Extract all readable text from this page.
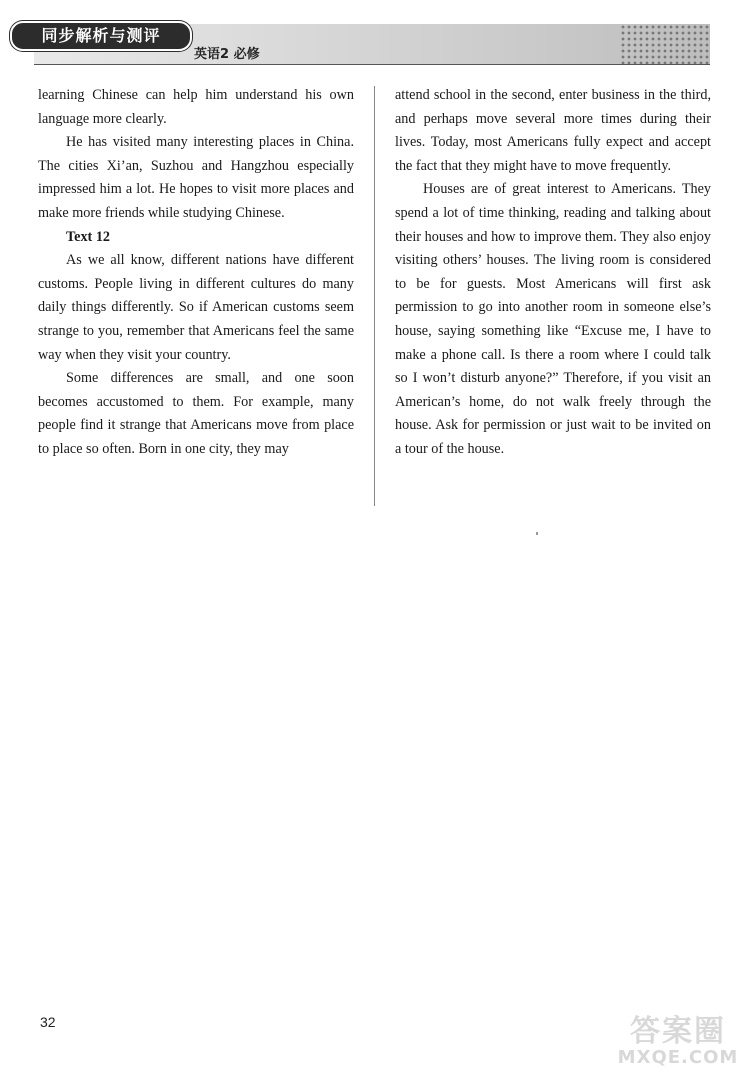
同步解析与测评
英语2 必修

learning Chinese can help him understand his own language more clearly.

He has visited many interesting places in China. The cities Xi’an, Suzhou and Hangzhou especially impressed him a lot. He hopes to visit more places and make more friends while studying Chinese.

Text 12

As we all know, different nations have different customs. People living in different cultures do many daily things differently. So if American customs seem strange to you, remember that Americans feel the same way when they visit your country.

Some differences are small, and one soon becomes accustomed to them. For example, many people find it strange that Americans move from place to place so often. Born in one city, they may

attend school in the second, enter business in the third, and perhaps move several more times during their lives. Today, most Americans fully expect and accept the fact that they might have to move frequently.

Houses are of great interest to Americans. They spend a lot of time thinking, reading and talking about their houses and how to improve them. They also enjoy visiting others’ houses. The living room is considered to be for guests. Most Americans will first ask permission to go into another room in someone else’s house, saying something like “Excuse me, I have to make a phone call. Is there a room where I could talk so I won’t disturb anyone?” Therefore, if you visit an American’s home, do not walk freely through the house. Ask for permission or just wait to be invited on a tour of the house.

32	答案圈
MXQE.COM
